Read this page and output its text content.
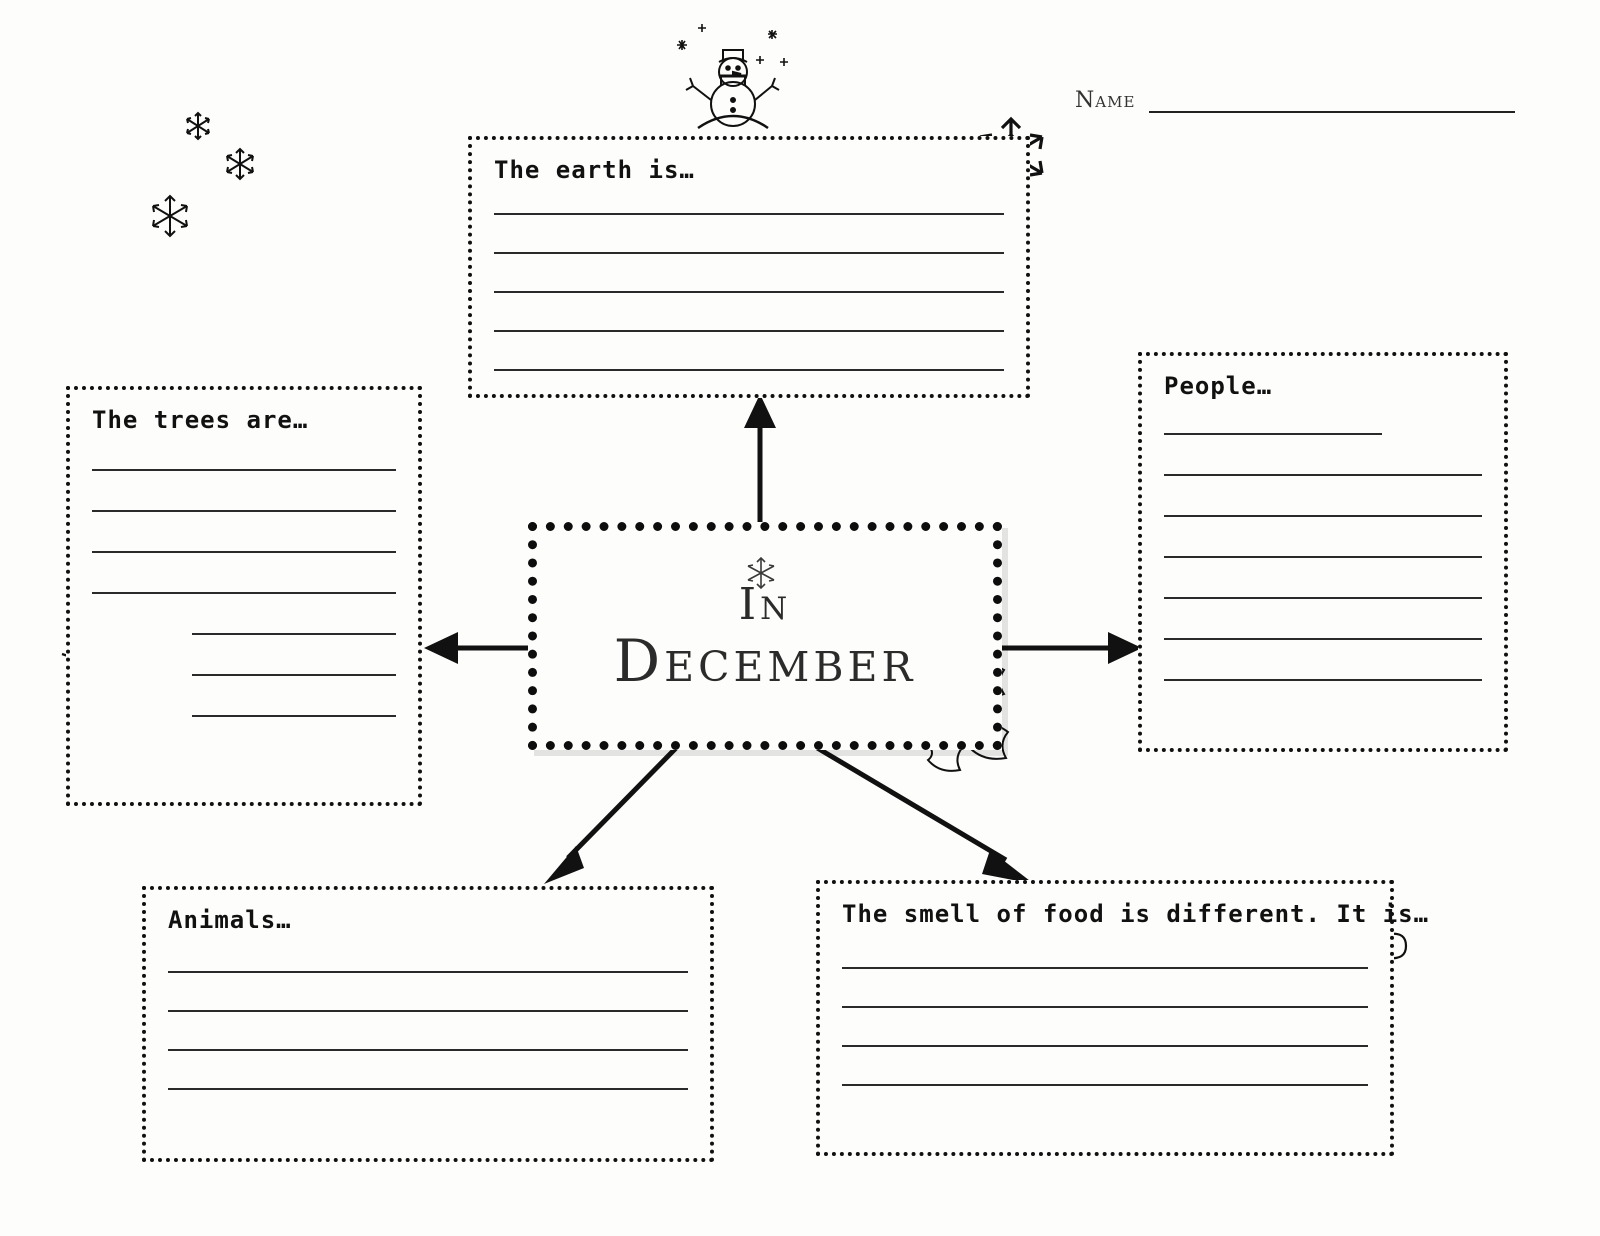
Name
In
December
The earth is…
The trees are…
People…
Animals…	The smell of food is different. It is…
